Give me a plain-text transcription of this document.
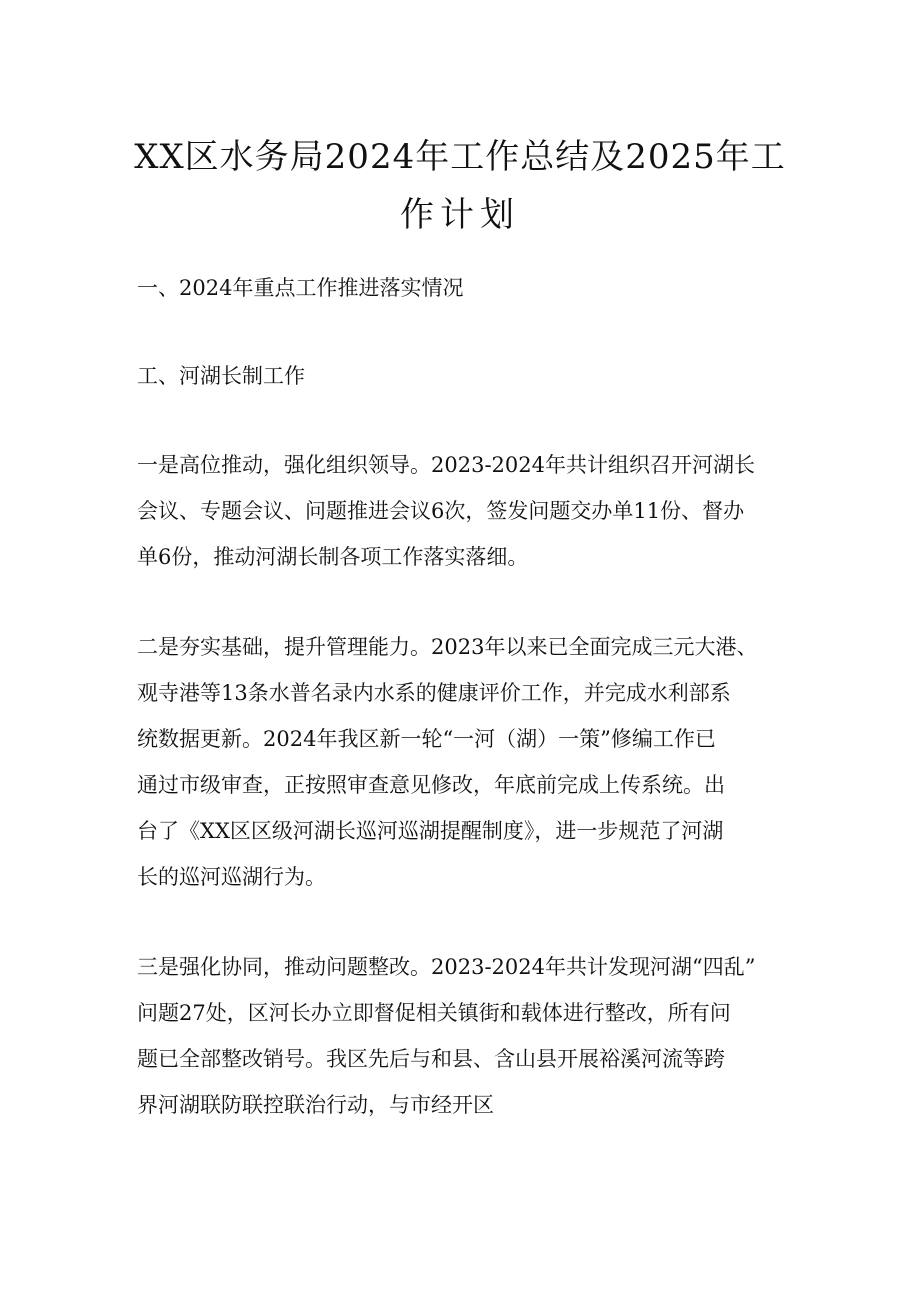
XX区水务局2024年工作总结及2025年工
作计划

一、2024年重点工作推进落实情况

工、河湖长制工作

一是高位推动，强化组织领导。2023-2024年共计组织召开河湖长
会议、专题会议、问题推进会议6次，签发问题交办单11份、督办
单6份，推动河湖长制各项工作落实落细。

二是夯实基础，提升管理能力。2023年以来已全面完成三元大港、
观寺港等13条水普名录内水系的健康评价工作，并完成水利部系
统数据更新。2024年我区新一轮“一河（湖）一策”修编工作已
通过市级审查，正按照审查意见修改，年底前完成上传系统。出
台了《XX区区级河湖长巡河巡湖提醒制度》，进一步规范了河湖
长的巡河巡湖行为。

三是强化协同，推动问题整改。2023-2024年共计发现河湖“四乱”
问题27处，区河长办立即督促相关镇街和载体进行整改，所有问
题已全部整改销号。我区先后与和县、含山县开展裕溪河流等跨
界河湖联防联控联治行动，与市经开区
